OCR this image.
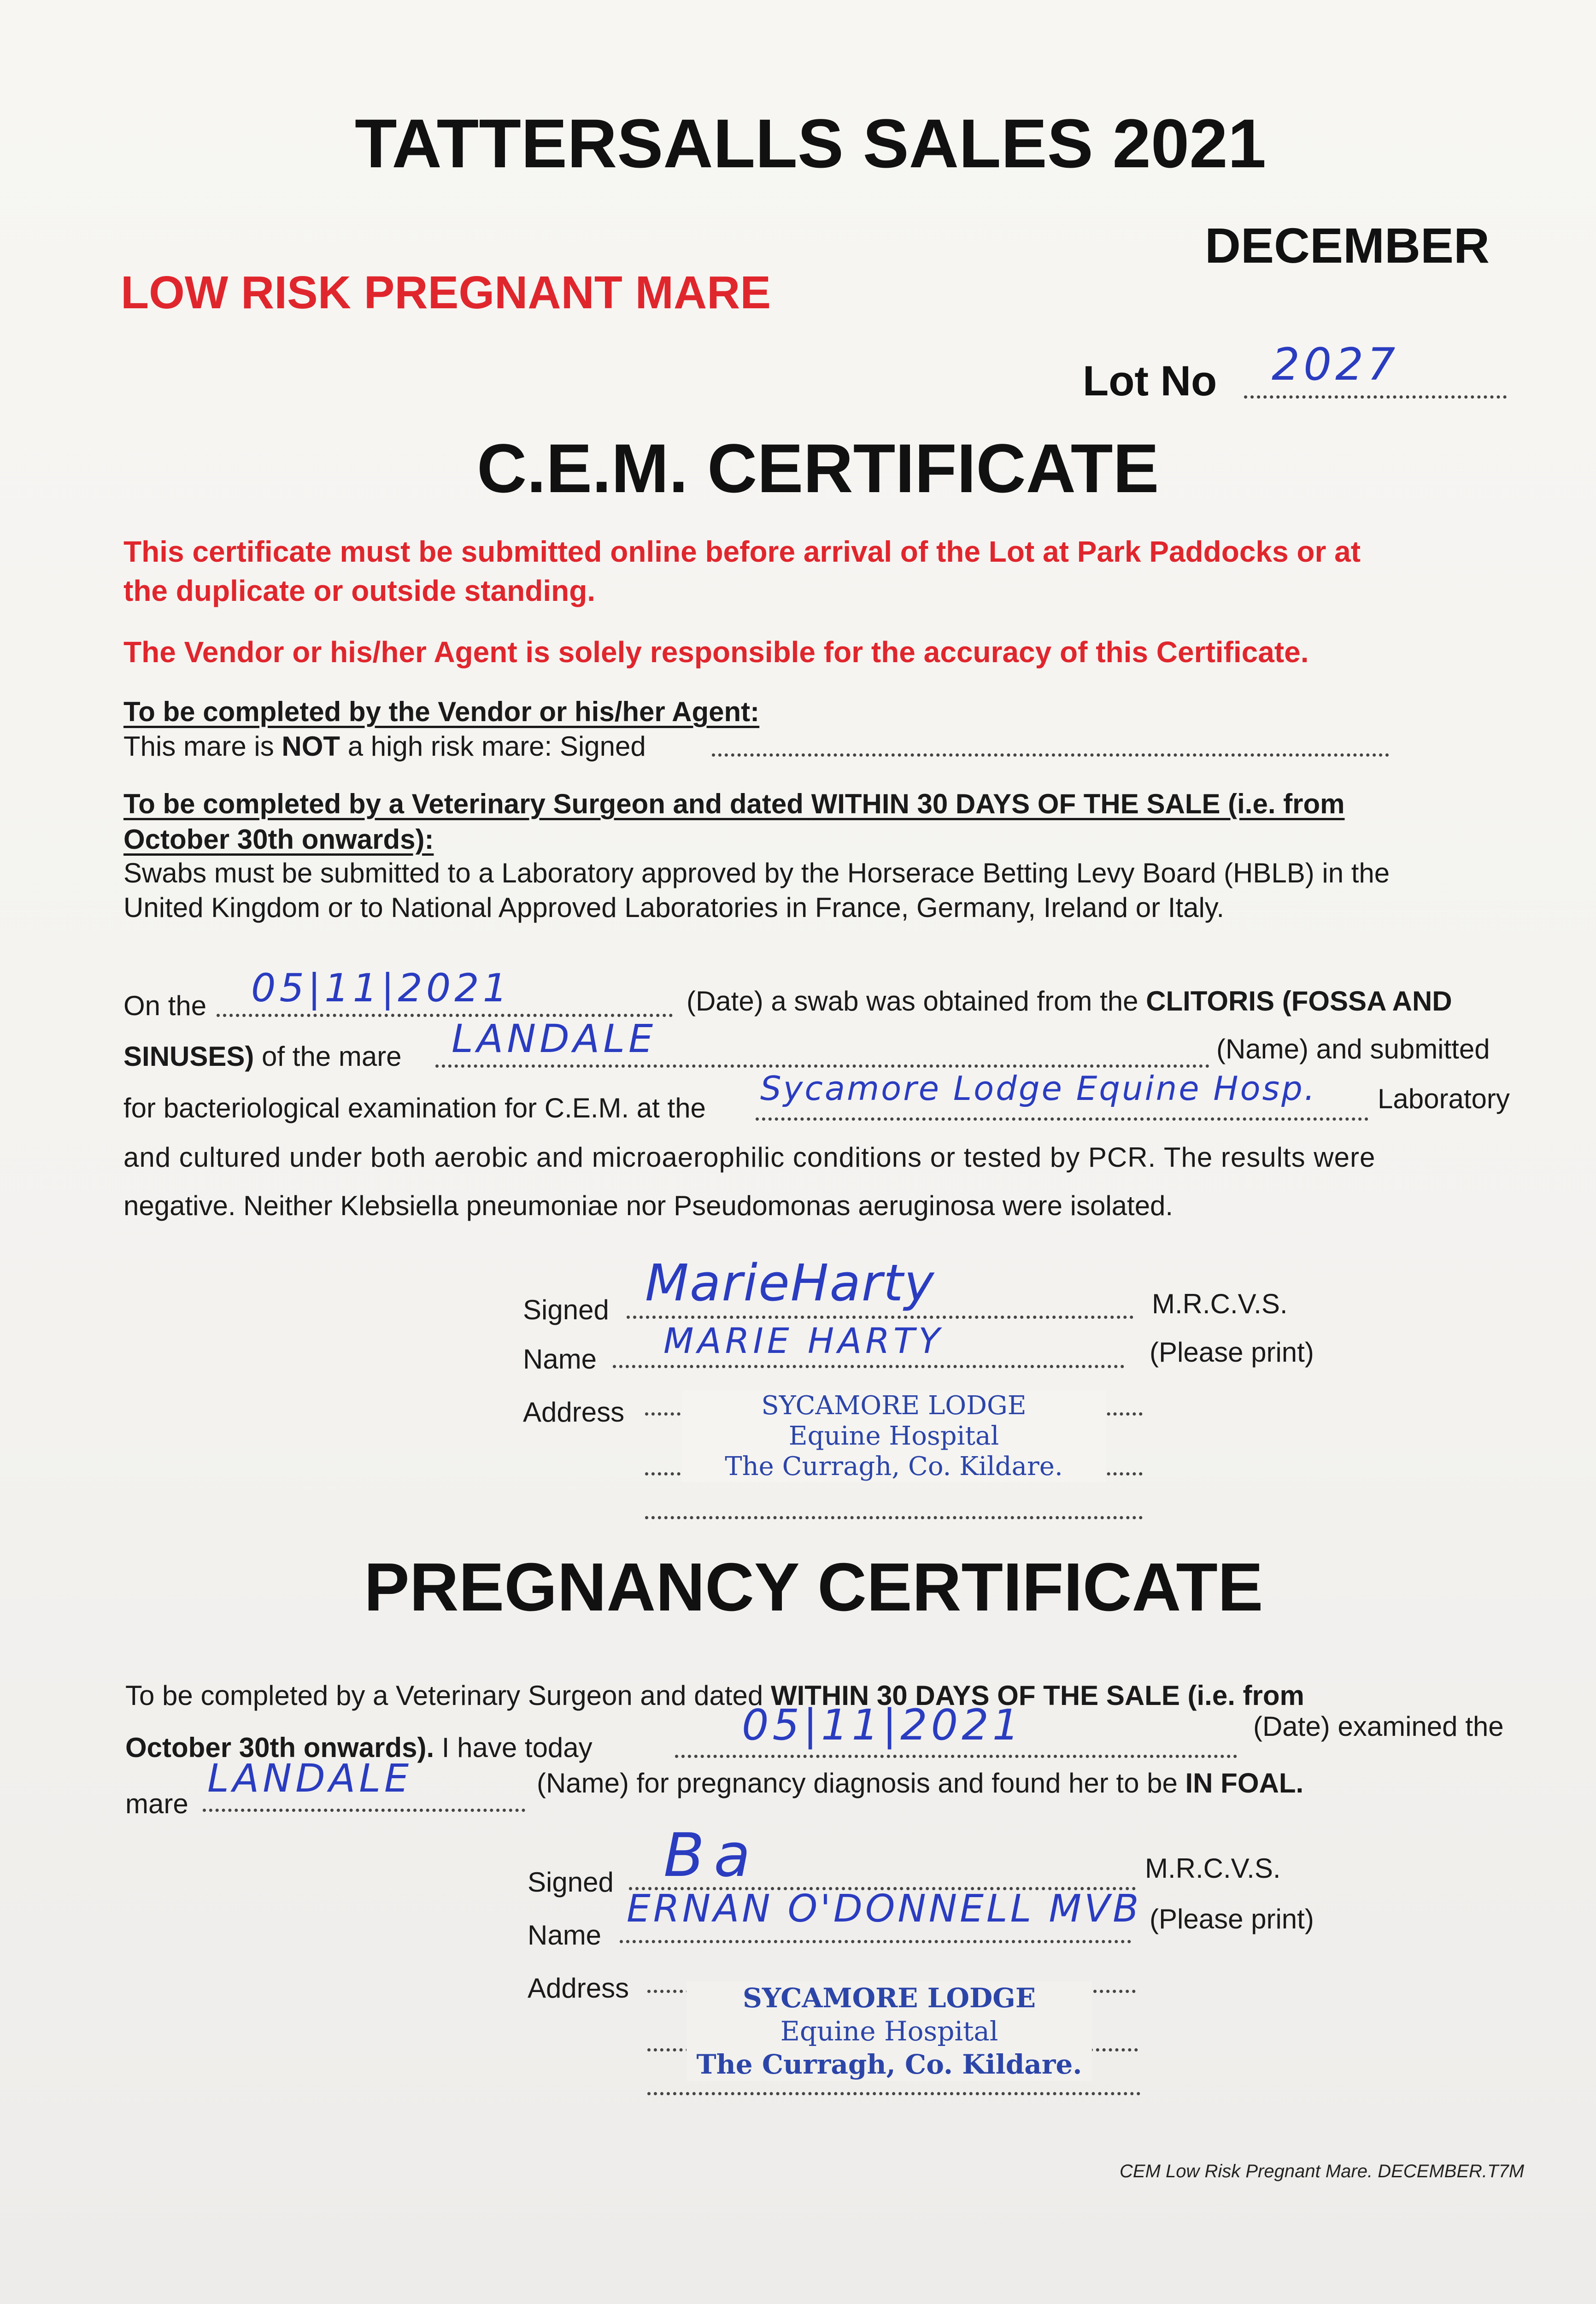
TATTERSALLS SALES 2021
DECEMBER
LOW RISK PREGNANT MARE
Lot No 2027
C.E.M. CERTIFICATE
This certificate must be submitted online before arrival of the Lot at Park Paddocks or at
the duplicate or outside standing.
The Vendor or his/her Agent is solely responsible for the accuracy of this Certificate.
To be completed by the Vendor or his/her Agent:
This mare is NOT a high risk mare: Signed
To be completed by a Veterinary Surgeon and dated WITHIN 30 DAYS OF THE SALE (i.e. from
October 30th onwards):
Swabs must be submitted to a Laboratory approved by the Horserace Betting Levy Board (HBLB) in the
United Kingdom or to National Approved Laboratories in France, Germany, Ireland or Italy.
On the 05|11|2021	(Date) a swab was obtained from the CLITORIS (FOSSA AND
SINUSES) of the mare LANDALE	(Name) and submitted
for bacteriological examination for C.E.M. at the
Sycamore Lodge Equine Hosp. Laboratory
and cultured under both aerobic and microaerophilic conditions or tested by PCR. The results were
negative. Neither Klebsiella pneumoniae nor Pseudomonas aeruginosa were isolated.
Signed MarieHarty	M.R.C.V.S.
Name MARIE HARTY	(Please print)
Address	SYCAMORE LODGE
Equine Hospital
The Curragh, Co. Kildare.
PREGNANCY CERTIFICATE
To be completed by a Veterinary Surgeon and dated WITHIN 30 DAYS OF THE SALE (i.e. from
October 30th onwards). I have today	05|11|2021	(Date) examined the
mare
LANDALE	(Name) for pregnancy diagnosis and found her to be IN FOAL.
Signed Ba	M.R.C.V.S.
Name
ERNAN O'DONNELL MVB (Please print)
Address	SYCAMORE LODGE
Equine Hospital
The Curragh, Co. Kildare.
CEM Low Risk Pregnant Mare. DECEMBER.T7M
